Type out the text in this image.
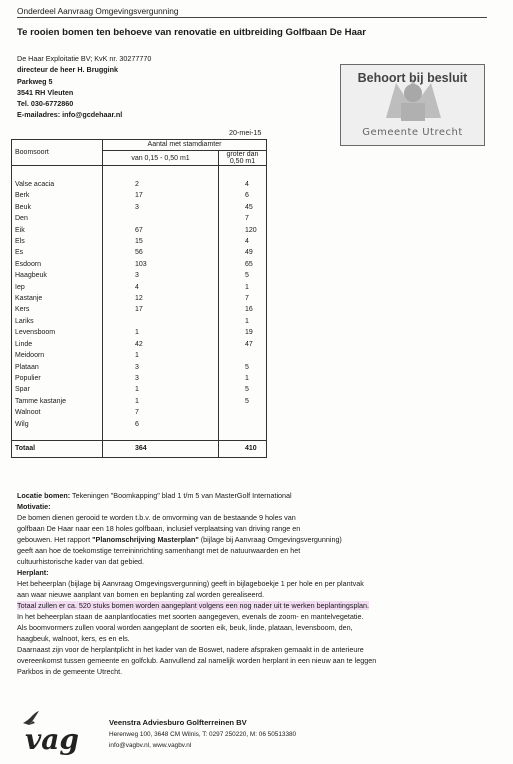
Onderdeel Aanvraag Omgevingsvergunning
Te rooien bomen ten behoeve van renovatie en uitbreiding Golfbaan De Haar
De Haar Exploitatie BV; KvK nr. 30277770
directeur de heer H. Bruggink
Parkweg 5
3541 RH Vleuten
Tel. 030-6772860
E-mailadres: info@gcdehaar.nl
Behoort bij besluit
Gemeente Utrecht
20-mei-15
Boomsoort	Aantal met stamdiamter	
	van 0,15 - 0,50 m1	groter dan 0,50 m1

Valse acacia	2	4
Berk	17	6
Beuk	3	45
Den		7
Eik	67	120
Els	15	4
Es	56	49
Esdoorn	103	65
Haagbeuk	3	5
Iep	4	1
Kastanje	12	7
Kers	17	16
Lariks		1
Levensboom	1	19
Linde	42	47
Meidoorn	1	
Plataan	3	5
Populier	3	1
Spar	1	5
Tamme kastanje	1	5
Walnoot	7	
Wilg	6	

Totaal	364	410

Locatie bomen: Tekeningen "Boomkapping" blad 1 t/m 5 van MasterGolf International

Motivatie:

De bomen dienen gerooid te worden t.b.v. de omvorming van de bestaande 9 holes van

golfbaan De Haar naar een 18 holes golfbaan, inclusief verplaatsing van driving range en

gebouwen. Het rapport "Planomschrijving Masterplan" (bijlage bij Aanvraag Omgevingsvergunning)

geeft aan hoe de toekomstige terreininrichting samenhangt met de natuurwaarden en het

cultuurhistorische kader van dat gebied.

Herplant:

Het beheerplan (bijlage bij Aanvraag Omgevingsvergunning) geeft in bijlageboekje 1 per hole en per plantvak

aan waar nieuwe aanplant van bomen en beplanting zal worden gerealiseerd.

Totaal zullen er ca. 520 stuks bomen worden aangeplant volgens een nog nader uit te werken beplantingsplan.

In het beheerplan staan de aanplantlocaties met soorten aangegeven, evenals de zoom- en mantelvegetatie.

Als boomvormers zullen vooral worden aangeplant de soorten eik, beuk, linde, plataan, levensboom, den,

haagbeuk, walnoot, kers, es en els.

Daarnaast zijn voor de herplantplicht in het kader van de Boswet, nadere afspraken gemaakt in de anterieure

overeenkomst tussen gemeente en golfclub. Aanvullend zal namelijk worden herplant in een nieuw aan te leggen

Parkbos in de gemeente Utrecht.

vag
Veenstra Adviesburo Golfterreinen BV
Herenweg 100, 3648 CM Wilnis, T: 0297 250220, M: 06 50513380
info@vagbv.nl, www.vagbv.nl
